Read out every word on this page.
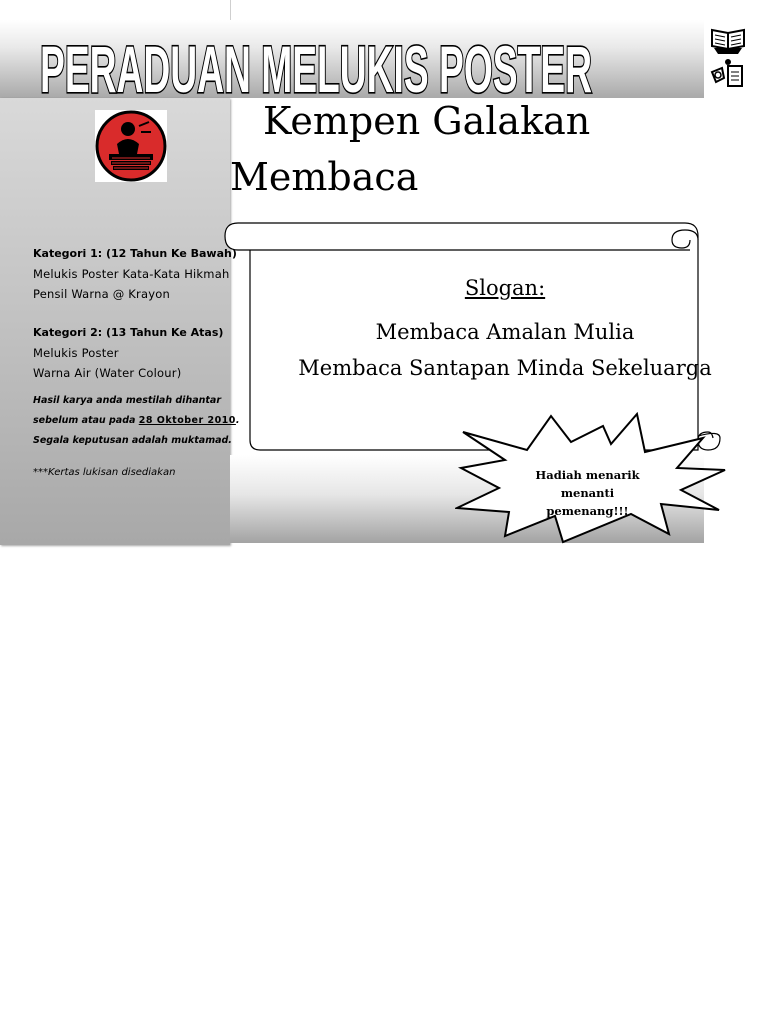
PERADUAN MELUKIS POSTER
Kempen Galakan
Membaca
Kategori 1: (12 Tahun Ke Bawah)
Melukis Poster Kata-Kata Hikmah
Pensil Warna @ Krayon
Kategori 2: (13 Tahun Ke Atas)
Melukis Poster
Warna Air (Water Colour)
Hasil karya anda mestilah dihantar
sebelum atau pada 28 Oktober 2010.
Segala keputusan adalah muktamad.
***Kertas lukisan disediakan
Slogan:
Membaca Amalan Mulia
Membaca Santapan Minda Sekeluarga
Hadiah menarik
menanti
pemenang!!!
